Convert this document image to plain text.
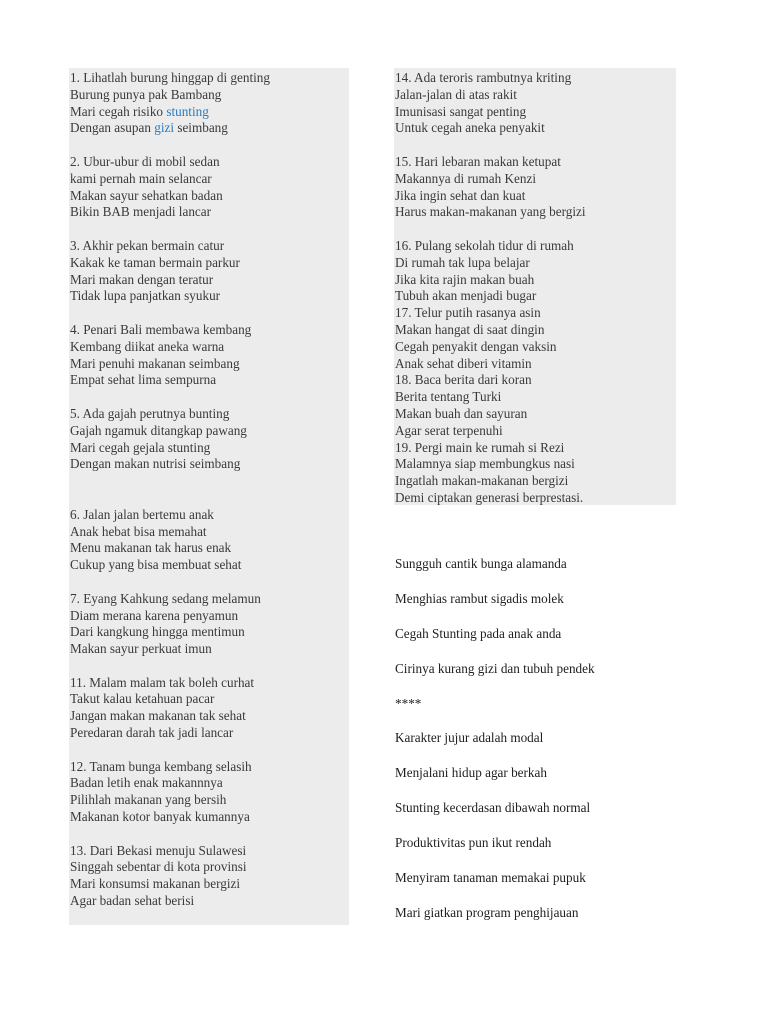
1. Lihatlah burung hinggap di genting
Burung punya pak Bambang
Mari cegah risiko stunting
Dengan asupan gizi seimbang
2. Ubur-ubur di mobil sedan
kami pernah main selancar
Makan sayur sehatkan badan
Bikin BAB menjadi lancar
3. Akhir pekan bermain catur
Kakak ke taman bermain parkur
Mari makan dengan teratur
Tidak lupa panjatkan syukur
4. Penari Bali membawa kembang
Kembang diikat aneka warna
Mari penuhi makanan seimbang
Empat sehat lima sempurna
5. Ada gajah perutnya bunting
Gajah ngamuk ditangkap pawang
Mari cegah gejala stunting
Dengan makan nutrisi seimbang
6. Jalan jalan bertemu anak
Anak hebat bisa memahat
Menu makanan tak harus enak
Cukup yang bisa membuat sehat
7. Eyang Kahkung sedang melamun
Diam merana karena penyamun
Dari kangkung hingga mentimun
Makan sayur perkuat imun
11. Malam malam tak boleh curhat
Takut kalau ketahuan pacar
Jangan makan makanan tak sehat
Peredaran darah tak jadi lancar
12. Tanam bunga kembang selasih
Badan letih enak makannnya
Pilihlah makanan yang bersih
Makanan kotor banyak kumannya
13. Dari Bekasi menuju Sulawesi
Singgah sebentar di kota provinsi
Mari konsumsi makanan bergizi
Agar badan sehat berisi
14. Ada teroris rambutnya kriting
Jalan-jalan di atas rakit
Imunisasi sangat penting
Untuk cegah aneka penyakit
15. Hari lebaran makan ketupat
Makannya di rumah Kenzi
Jika ingin sehat dan kuat
Harus makan-makanan yang bergizi
16. Pulang sekolah tidur di rumah
Di rumah tak lupa belajar
Jika kita rajin makan buah
Tubuh akan menjadi bugar
17. Telur putih rasanya asin
Makan hangat di saat dingin
Cegah penyakit dengan vaksin
Anak sehat diberi vitamin
18. Baca berita dari koran
Berita tentang Turki
Makan buah dan sayuran
Agar serat terpenuhi
19. Pergi main ke rumah si Rezi
Malamnya siap membungkus nasi
Ingatlah makan-makanan bergizi
Demi ciptakan generasi berprestasi.
Sungguh cantik bunga alamanda
Menghias rambut sigadis molek
Cegah Stunting pada anak anda
Cirinya kurang gizi dan tubuh pendek
****
Karakter jujur adalah modal
Menjalani hidup agar berkah
Stunting kecerdasan dibawah normal
Produktivitas pun ikut rendah
Menyiram tanaman memakai pupuk
Mari giatkan program penghijauan
